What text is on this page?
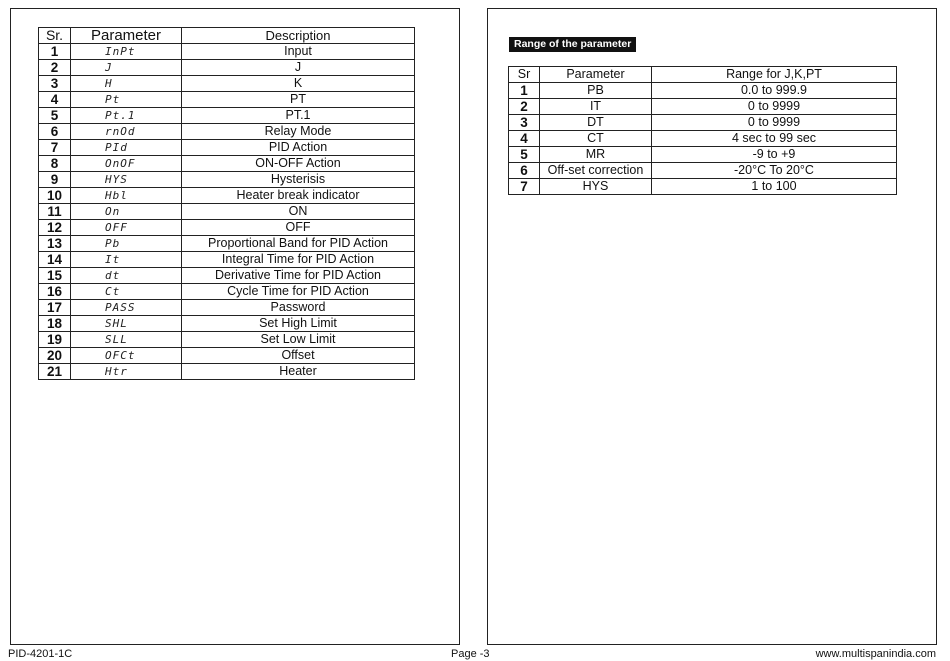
Sr.	Parameter	Description
1	InPt	Input
2	J	J
3	H	K
4	Pt	PT
5	Pt.1	PT.1
6	rnOd	Relay Mode
7	PId	PID Action
8	OnOF	ON-OFF Action
9	HYS	Hysterisis
10	Hbl	Heater break indicator
11	On	ON
12	OFF	OFF
13	Pb	Proportional Band for PID Action
14	It	Integral Time for PID Action
15	dt	Derivative Time for PID Action
16	Ct	Cycle Time for PID Action
17	PASS	Password
18	SHL	Set High Limit
19	SLL	Set Low Limit
20	OFCt	Offset
21	Htr	Heater
Range of the parameter
Sr	Parameter	Range for J,K,PT
1	PB	0.0 to 999.9
2	IT	0 to 9999
3	DT	0 to 9999
4	CT	4 sec to 99 sec
5	MR	-9 to +9
6	Off-set correction	-20°C To 20°C
7	HYS	1 to 100
PID-4201-1C	Page -3	www.multispanindia.com
